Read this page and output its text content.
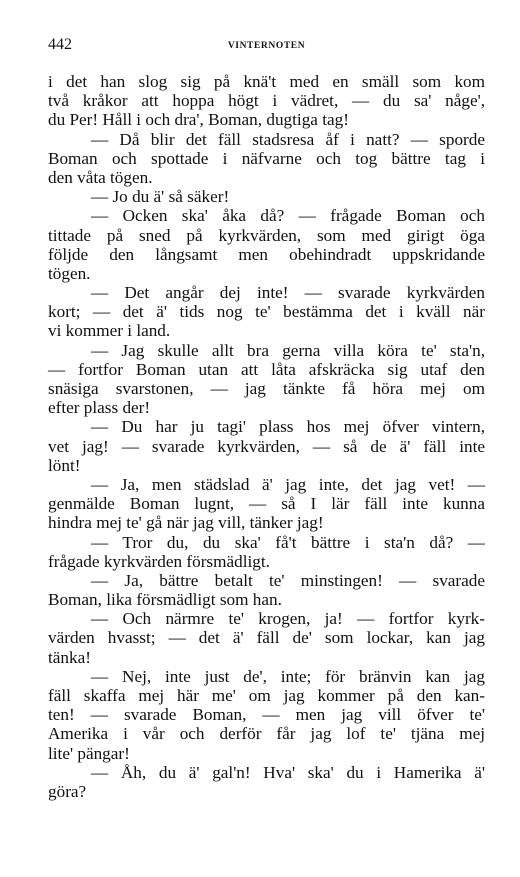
442	VINTERNOTEN
i det han slog sig på knä't med en smäll som kom
två kråkor att hoppa högt i vädret, — du sa' någe',
du Per! Håll i och dra', Boman, dugtiga tag!
— Då blir det fäll stadsresa åf i natt? — sporde
Boman och spottade i näfvarne och tog bättre tag i
den våta tögen.
— Jo du ä' så säker!
— Ocken ska' åka då? — frågade Boman och
tittade på sned på kyrkvärden, som med girigt öga
följde den långsamt men obehindradt uppskridande
tögen.
— Det angår dej inte! — svarade kyrkvärden
kort; — det ä' tids nog te' bestämma det i kväll när
vi kommer i land.
— Jag skulle allt bra gerna villa köra te' sta'n,
— fortfor Boman utan att låta afskräcka sig utaf den
snäsiga svarstonen, — jag tänkte få höra mej om
efter plass der!
— Du har ju tagi' plass hos mej öfver vintern,
vet jag! — svarade kyrkvärden, — så de ä' fäll inte
lönt!
— Ja, men städslad ä' jag inte, det jag vet! —
genmälde Boman lugnt, — så I lär fäll inte kunna
hindra mej te' gå när jag vill, tänker jag!
— Tror du, du ska' få't bättre i sta'n då? —
frågade kyrkvärden försmädligt.
— Ja, bättre betalt te' minstingen! — svarade
Boman, lika försmädligt som han.
— Och närmre te' krogen, ja! — fortfor kyrk-
värden hvasst; — det ä' fäll de' som lockar, kan jag
tänka!
— Nej, inte just de', inte; för bränvin kan jag
fäll skaffa mej här me' om jag kommer på den kan-
ten! — svarade Boman, — men jag vill öfver te'
Amerika i vår och derför får jag lof te' tjäna mej
lite' pängar!
— Åh, du ä' gal'n! Hva' ska' du i Hamerika ä'
göra?
